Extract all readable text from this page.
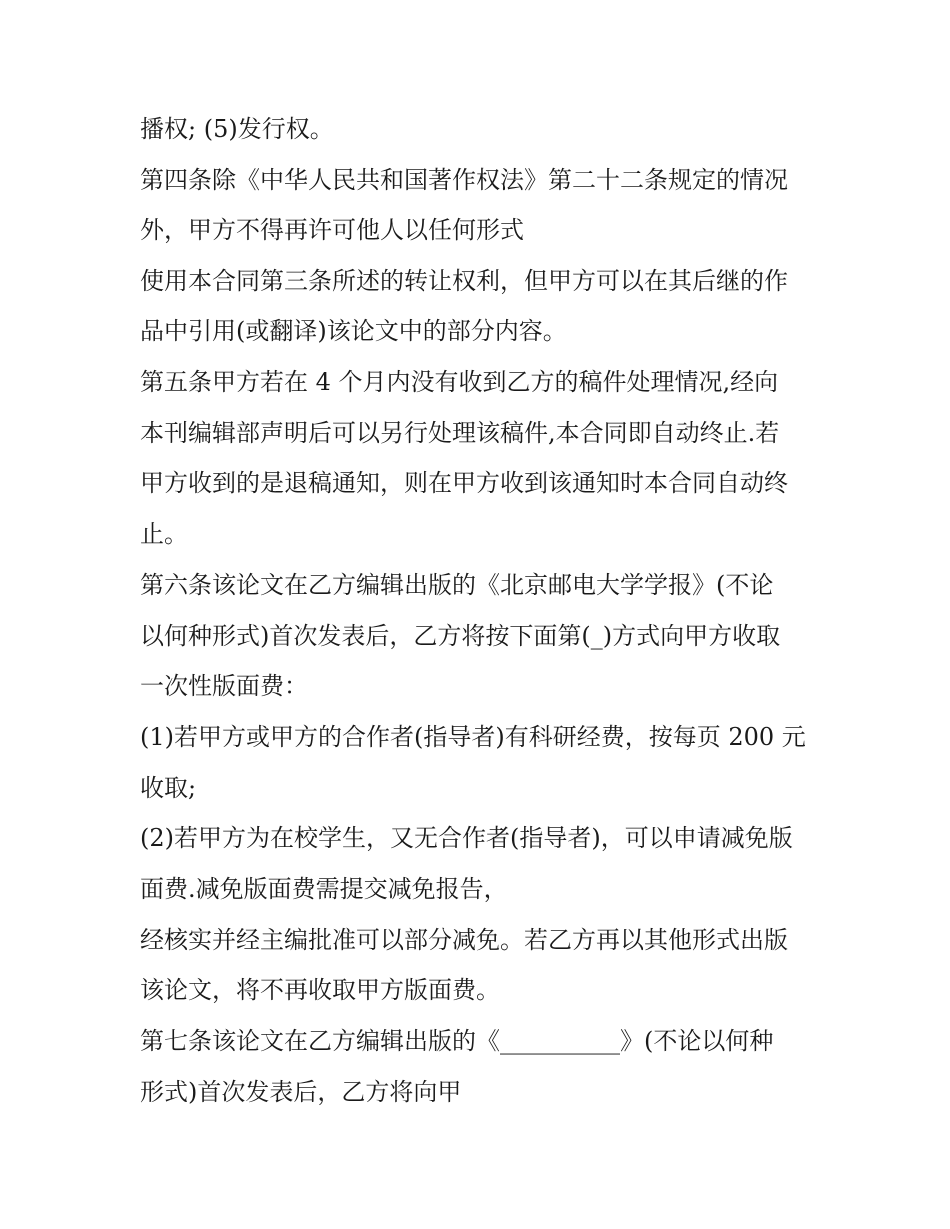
播权; (5)发行权。

第四条除《中华人民共和国著作权法》第二十二条规定的情况

外，甲方不得再许可他人以任何形式

使用本合同第三条所述的转让权利，但甲方可以在其后继的作

品中引用(或翻译)该论文中的部分内容。

第五条甲方若在 4 个月内没有收到乙方的稿件处理情况,经向

本刊编辑部声明后可以另行处理该稿件,本合同即自动终止.若

甲方收到的是退稿通知，则在甲方收到该通知时本合同自动终

止。

第六条该论文在乙方编辑出版的《北京邮电大学学报》(不论

以何种形式)首次发表后，乙方将按下面第(_)方式向甲方收取

一次性版面费：

(1)若甲方或甲方的合作者(指导者)有科研经费，按每页 200 元

收取;

(2)若甲方为在校学生，又无合作者(指导者)，可以申请减免版

面费.减免版面费需提交减免报告，

经核实并经主编批准可以部分减免。若乙方再以其他形式出版

该论文，将不再收取甲方版面费。

第七条该论文在乙方编辑出版的《__________》(不论以何种

形式)首次发表后，乙方将向甲
